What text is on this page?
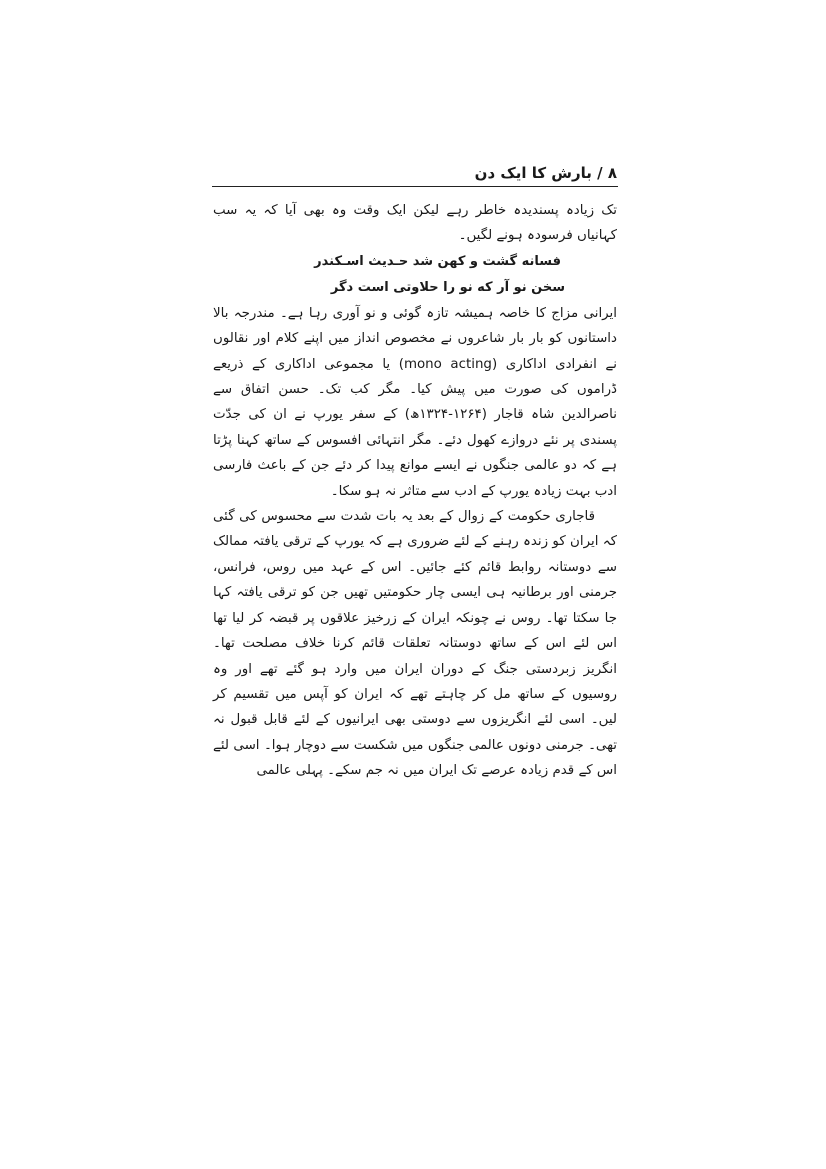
۸ / بارش کا ایک دن

تک زیادہ پسندیدہ خاطر رہے لیکن ایک وقت وہ بھی آیا کہ یہ سب کہانیاں فرسودہ ہونے لگیں۔

فسانه گشت و کهن شد حـدیث اسـکندر

سخن نو آر که نو را حلاوتی است دگر

ایرانی مزاج کا خاصہ ہمیشہ تازہ گوئی و نو آوری رہا ہے۔ مندرجہ بالا داستانوں کو بار بار شاعروں نے مخصوص انداز میں اپنے کلام اور نقالوں نے انفرادی اداکاری (mono acting) یا مجموعی اداکاری کے ذریعے ڈراموں کی صورت میں پیش کیا۔ مگر کب تک۔ حسن اتفاق سے ناصرالدین شاہ قاجار (۱۲۶۴-۱۳۲۴ھ) کے سفر یورپ نے ان کی جدّت پسندی پر نئے دروازے کھول دئے۔ مگر انتہائی افسوس کے ساتھ کہنا پڑتا ہے کہ دو عالمی جنگوں نے ایسے موانع پیدا کر دئے جن کے باعث فارسی ادب بہت زیادہ یورپ کے ادب سے متاثر نہ ہو سکا۔

قاجاری حکومت کے زوال کے بعد یہ بات شدت سے محسوس کی گئی کہ ایران کو زندہ رہنے کے لئے ضروری ہے کہ یورپ کے ترقی یافتہ ممالک سے دوستانہ روابط قائم کئے جائیں۔ اس کے عہد میں روس، فرانس، جرمنی اور برطانیہ ہی ایسی چار حکومتیں تھیں جن کو ترقی یافتہ کہا جا سکتا تھا۔ روس نے چونکہ ایران کے زرخیز علاقوں پر قبضہ کر لیا تھا اس لئے اس کے ساتھ دوستانہ تعلقات قائم کرنا خلاف مصلحت تھا۔ انگریز زبردستی جنگ کے دوران ایران میں وارد ہو گئے تھے اور وہ روسیوں کے ساتھ مل کر چاہتے تھے کہ ایران کو آپس میں تقسیم کر لیں۔ اسی لئے انگریزوں سے دوستی بھی ایرانیوں کے لئے قابل قبول نہ تھی۔ جرمنی دونوں عالمی جنگوں میں شکست سے دوچار ہوا۔ اسی لئے اس کے قدم زیادہ عرصے تک ایران میں نہ جم سکے۔ پہلی عالمی
